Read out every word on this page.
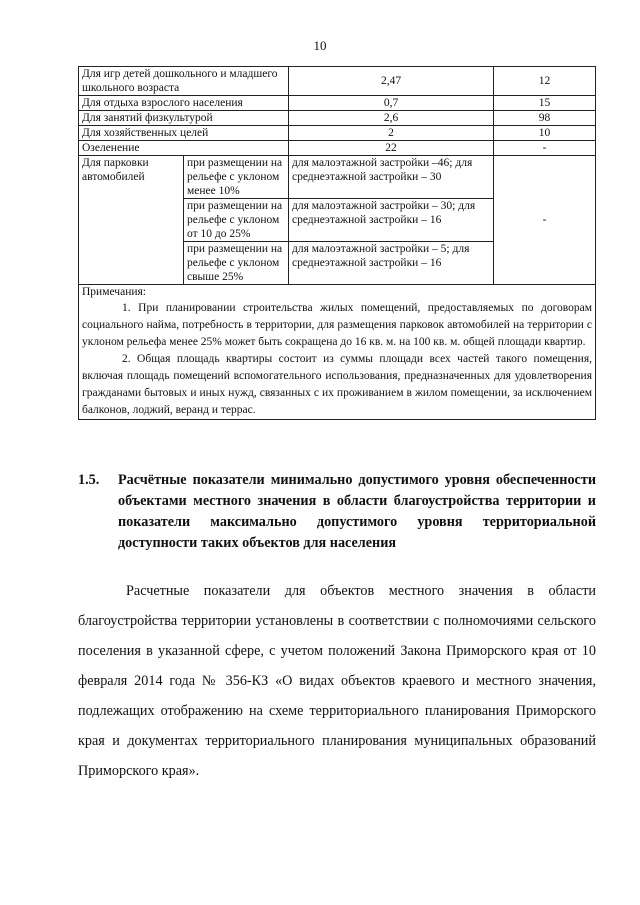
10
Для игр детей дошкольного и младшего школьного возраста		2,47	12
Для отдыха взрослого населения		0,7	15
Для занятий физкультурой		2,6	98
Для хозяйственных целей		2	10
Озеленение		22	-
Для парковки автомобилей	при размещении на рельефе с уклоном менее 10%	для малоэтажной застройки –46; для среднеэтажной застройки – 30	-
	при размещении на рельефе с уклоном от 10 до 25%	для малоэтажной застройки – 30; для среднеэтажной застройки – 16	
	при размещении на рельефе с уклоном свыше 25%	для малоэтажной застройки – 5; для среднеэтажной застройки – 16	

Примечания:
1. При планировании строительства жилых помещений, предоставляемых по договорам социального найма, потребность в территории, для размещения парковок автомобилей на территории с уклоном рельефа менее 25% может быть сокращена до 16 кв. м. на 100 кв. м. общей площади квартир.
2. Общая площадь квартиры состоит из суммы площади всех частей такого помещения, включая площадь помещений вспомогательного использования, предназначенных для удовлетворения гражданами бытовых и иных нужд, связанных с их проживанием в жилом помещении, за исключением балконов, лоджий, веранд и террас.			
1.5. Расчётные показатели минимально допустимого уровня обеспеченности объектами местного значения в области благоустройства территории и показатели максимально допустимого уровня территориальной доступности таких объектов для населения
Расчетные показатели для объектов местного значения в области благоустройства территории установлены в соответствии с полномочиями сельского поселения в указанной сфере, с учетом положений Закона Приморского края от 10 февраля 2014 года № 356-КЗ «О видах объектов краевого и местного значения, подлежащих отображению на схеме территориального планирования Приморского края и документах территориального планирования муниципальных образований Приморского края».
